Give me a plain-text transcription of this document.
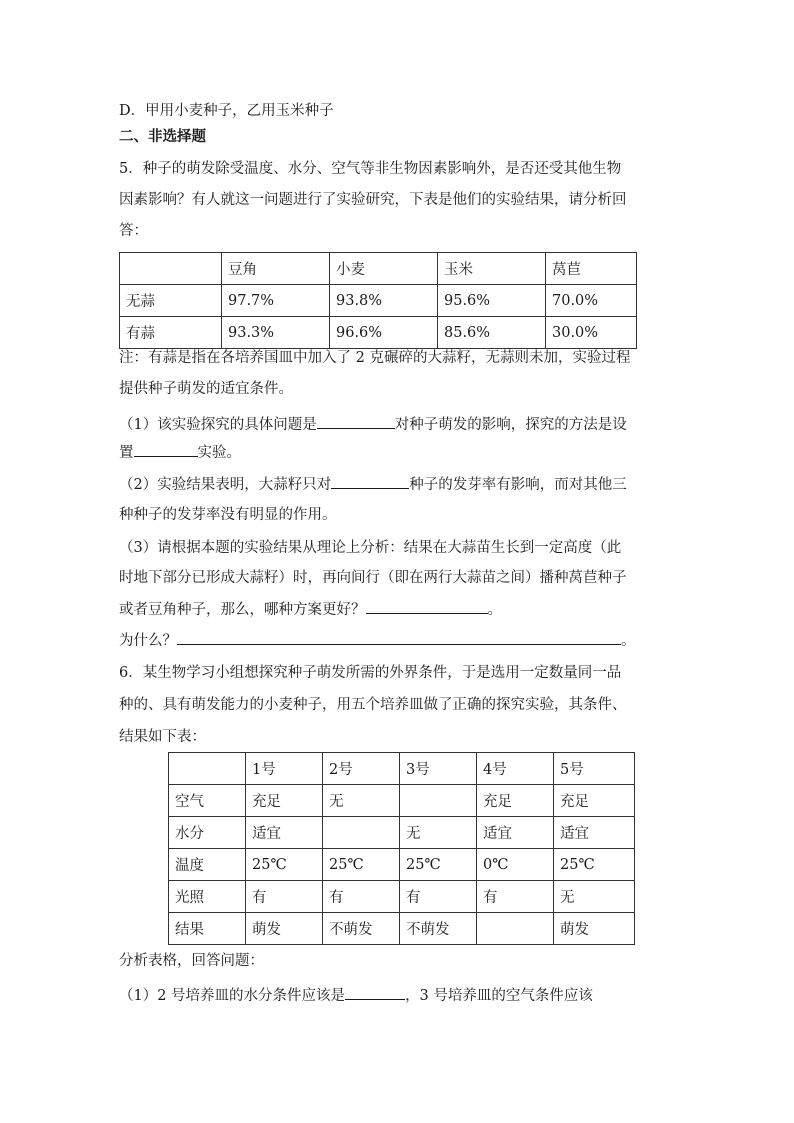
D．甲用小麦种子，乙用玉米种子
二、非选择题
5．种子的萌发除受温度、水分、空气等非生物因素影响外，是否还受其他生物
因素影响？有人就这一问题进行了实验研究，下表是他们的实验结果，请分析回
答：
	豆角	小麦	玉米	莴苣
无蒜	97.7%	93.8%	95.6%	70.0%
有蒜	93.3%	96.6%	85.6%	30.0%
注：有蒜是指在各培养国皿中加入了 2 克碾碎的大蒜籽，无蒜则未加，实验过程
提供种子萌发的适宜条件。
（1）该实验探究的具体问题是	对种子萌发的影响，探究的方法是设
置	实验。
（2）实验结果表明，大蒜籽只对	种子的发芽率有影响，而对其他三
种种子的发芽率没有明显的作用。
（3）请根据本题的实验结果从理论上分析：结果在大蒜苗生长到一定高度（此
时地下部分已形成大蒜籽）时，再向间行（即在两行大蒜苗之间）播种莴苣种子
或者豆角种子，那么，哪种方案更好？	。
为什么？	。
6．某生物学习小组想探究种子萌发所需的外界条件，于是选用一定数量同一品
种的、具有萌发能力的小麦种子，用五个培养皿做了正确的探究实验，其条件、
结果如下表：
	1号	2号	3号	4号	5号
空气	充足	无		充足	充足
水分	适宜		无	适宜	适宜
温度	25℃	25℃	25℃	0℃	25℃
光照	有	有	有	有	无
结果	萌发	不萌发	不萌发		萌发
分析表格，回答问题：
（1）2 号培养皿的水分条件应该是	，3 号培养皿的空气条件应该
